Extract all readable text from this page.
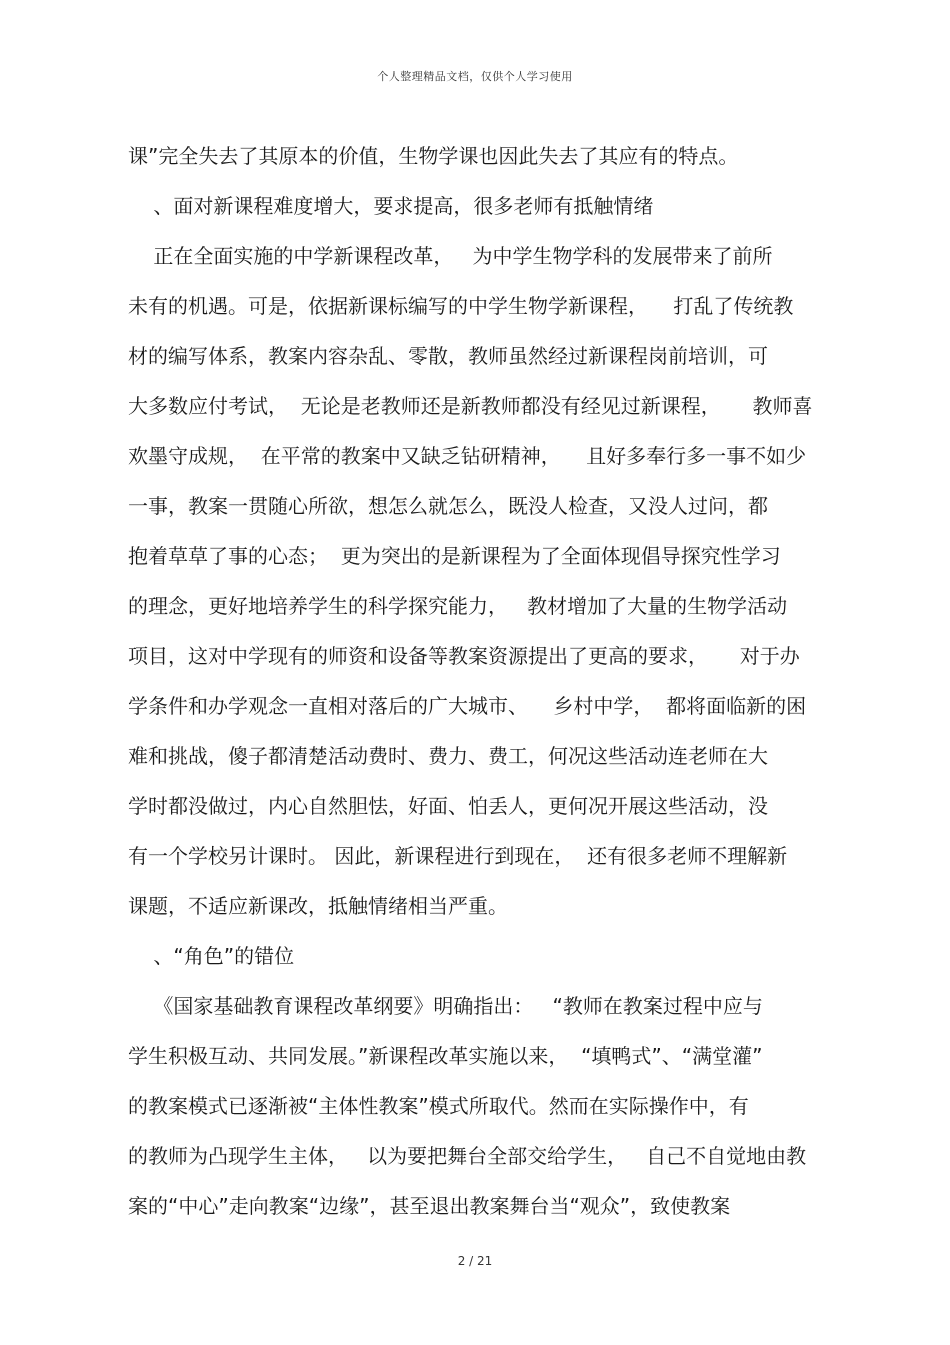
个人整理精品文档，仅供个人学习使用
课”完全失去了其原本的价值，生物学课也因此失去了其应有的特点。
、面对新课程难度增大，要求提高，很多老师有抵触情绪
正在全面实施的中学新课程改革，   为中学生物学科的发展带来了前所
未有的机遇。可是，依据新课标编写的中学生物学新课程，    打乱了传统教
材的编写体系，教案内容杂乱、零散，教师虽然经过新课程岗前培训，可
大多数应付考试，  无论是老教师还是新教师都没有经见过新课程，     教师喜
欢墨守成规，  在平常的教案中又缺乏钻研精神，    且好多奉行多一事不如少
一事，教案一贯随心所欲，想怎么就怎么，既没人检查，又没人过问，都
抱着草草了事的心态；  更为突出的是新课程为了全面体现倡导探究性学习
的理念，更好地培养学生的科学探究能力，   教材增加了大量的生物学活动
项目，这对中学现有的师资和设备等教案资源提出了更高的要求，     对于办
学条件和办学观念一直相对落后的广大城市、    乡村中学，  都将面临新的困
难和挑战，傻子都清楚活动费时、费力、费工，何况这些活动连老师在大
学时都没做过，内心自然胆怯，好面、怕丢人，更何况开展这些活动，没
有一个学校另计课时。 因此，新课程进行到现在，  还有很多老师不理解新
课题，不适应新课改，抵触情绪相当严重。
、“角色”的错位
《国家基础教育课程改革纲要》明确指出：   “教师在教案过程中应与
学生积极互动、共同发展。”新课程改革实施以来，  “填鸭式”、“满堂灌”
的教案模式已逐渐被“主体性教案”模式所取代。然而在实际操作中，有
的教师为凸现学生主体，   以为要把舞台全部交给学生，   自己不自觉地由教
案的“中心”走向教案“边缘”，甚至退出教案舞台当“观众”，致使教案
2 / 21
